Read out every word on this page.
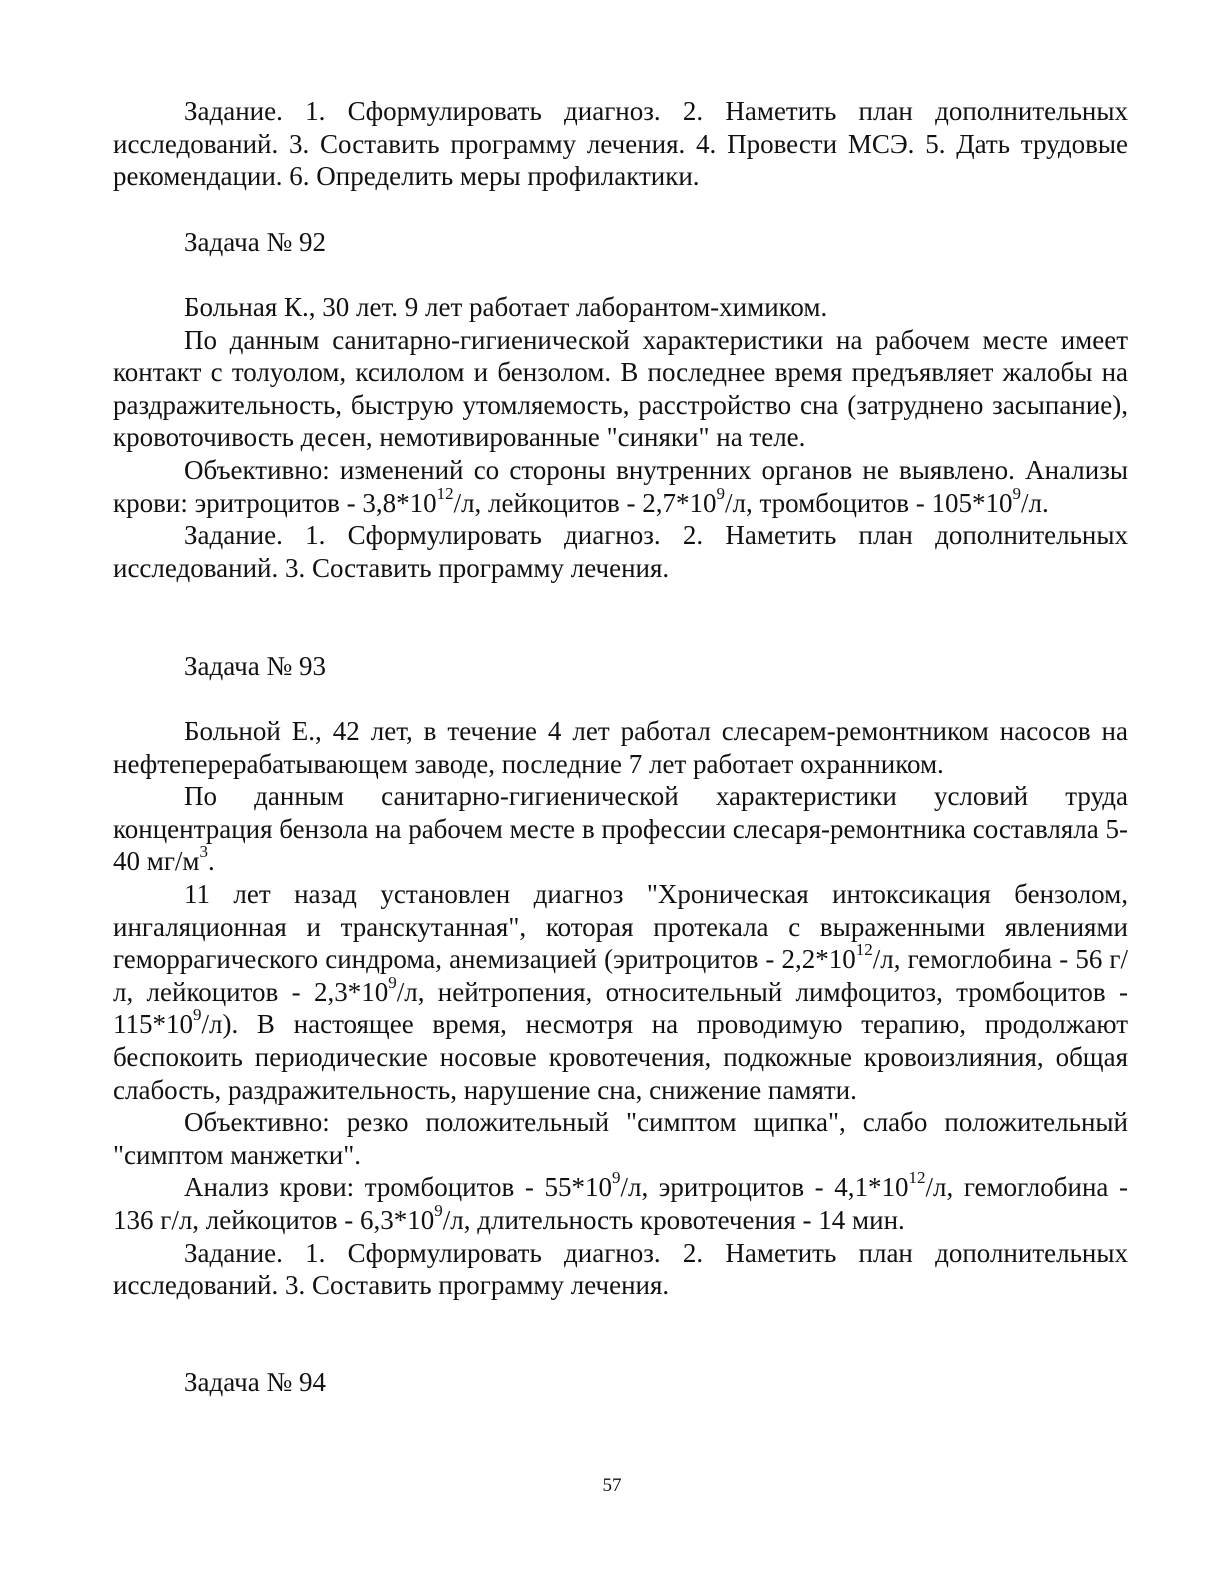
Задание. 1. Сформулировать диагноз. 2. Наметить план дополнительных исследований. 3. Составить программу лечения. 4. Провести МСЭ. 5. Дать трудовые рекомендации. 6. Определить меры профилактики.

Задача № 92

Больная К., 30 лет. 9 лет работает лаборантом-химиком.

По данным санитарно-гигиенической характеристики на рабочем месте имеет контакт с толуолом, ксилолом и бензолом. В последнее время предъявляет жалобы на раздражительность, быструю утомляемость, расстройство сна (затруднено засыпание), кровоточивость десен, немотивированные "синяки" на теле.

Объективно: изменений со стороны внутренних органов не выявлено. Анализы крови: эритроцитов - $3,8*10^{12}/л$, лейкоцитов - $2,7*10^9/л$, тромбоцитов - $105*10^9/л$.

Задание. 1. Сформулировать диагноз. 2. Наметить план дополнительных исследований. 3. Составить программу лечения.

Задача № 93

Больной Е., 42 лет, в течение 4 лет работал слесарем-ремонтником насосов на нефтеперерабатывающем заводе, последние 7 лет работает охранником.

По данным санитарно-гигиенической характеристики условий труда концентрация бензола на рабочем месте в профессии слесаря-ремонтника составляла 5-40 $мг/м^3$.

11 лет назад установлен диагноз "Хроническая интоксикация бензолом, ингаляционная и транскутанная", которая протекала с выраженными явлениями геморрагического синдрома, анемизацией (эритроцитов - $2,2*10^{12}/л$, гемоглобина - 56 г/л, лейкоцитов - $2,3*10^9/л$, нейтропения, относительный лимфоцитоз, тромбоцитов - $115*10^9/л$). В настоящее время, несмотря на проводимую терапию, продолжают беспокоить периодические носовые кровотечения, подкожные кровоизлияния, общая слабость, раздражительность, нарушение сна, снижение памяти.

Объективно: резко положительный "симптом щипка", слабо положительный "симптом манжетки".

Анализ крови: тромбоцитов - $55*10^9/л$, эритроцитов - $4,1*10^{12}/л$, гемоглобина - 136 г/л, лейкоцитов - $6,3*10^9/л$, длительность кровотечения - 14 мин.

Задание. 1. Сформулировать диагноз. 2. Наметить план дополнительных исследований. 3. Составить программу лечения.

Задача № 94

57
